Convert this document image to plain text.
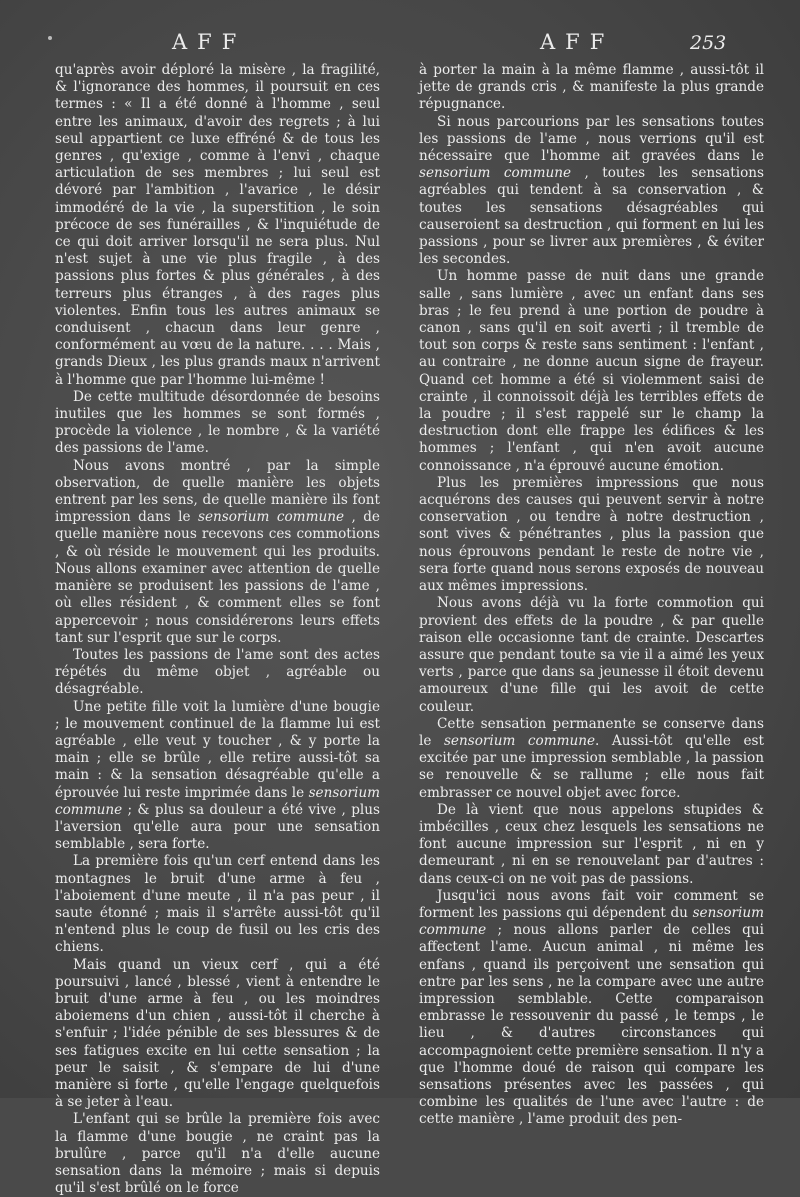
AFF	AFF	253

qu'après avoir déploré la misère , la fragilité, & l'ignorance des hommes, il poursuit en ces termes : « Il a été donné à l'homme , seul entre les animaux, d'avoir des regrets ; à lui seul appartient ce luxe effréné & de tous les genres , qu'exige , comme à l'envi , chaque articulation de ses membres ; lui seul est dévoré par l'ambition , l'avarice , le désir immodéré de la vie , la superstition , le soin précoce de ses funérailles , & l'inquiétude de ce qui doit arriver lorsqu'il ne sera plus. Nul n'est sujet à une vie plus fragile , à des passions plus fortes & plus générales , à des terreurs plus étranges , à des rages plus violentes. Enfin tous les autres animaux se conduisent , chacun dans leur genre , conformément au vœu de la nature. . . . Mais , grands Dieux , les plus grands maux n'arrivent à l'homme que par l'homme lui-même !

De cette multitude désordonnée de besoins inutiles que les hommes se sont formés , procède la violence , le nombre , & la variété des passions de l'ame.

Nous avons montré , par la simple observation, de quelle manière les objets entrent par les sens, de quelle manière ils font impression dans le sensorium commune , de quelle manière nous recevons ces commotions , & où réside le mouvement qui les produits. Nous allons examiner avec attention de quelle manière se produisent les passions de l'ame , où elles résident , & comment elles se font appercevoir ; nous considérerons leurs effets tant sur l'esprit que sur le corps.

Toutes les passions de l'ame sont des actes répétés du même objet , agréable ou désagréable.

Une petite fille voit la lumière d'une bougie ; le mouvement continuel de la flamme lui est agréable , elle veut y toucher , & y porte la main ; elle se brûle , elle retire aussi-tôt sa main : & la sensation désagréable qu'elle a éprouvée lui reste imprimée dans le sensorium commune ; & plus sa douleur a été vive , plus l'aversion qu'elle aura pour une sensation semblable , sera forte.

La première fois qu'un cerf entend dans les montagnes le bruit d'une arme à feu , l'aboiement d'une meute , il n'a pas peur , il saute étonné ; mais il s'arrête aussi-tôt qu'il n'entend plus le coup de fusil ou les cris des chiens.

Mais quand un vieux cerf , qui a été poursuivi , lancé , blessé , vient à entendre le bruit d'une arme à feu , ou les moindres aboiemens d'un chien , aussi-tôt il cherche à s'enfuir ; l'idée pénible de ses blessures & de ses fatigues excite en lui cette sensation ; la peur le saisit , & s'empare de lui d'une manière si forte , qu'elle l'engage quelquefois à se jeter à l'eau.

L'enfant qui se brûle la première fois avec la flamme d'une bougie , ne craint pas la brulûre , parce qu'il n'a d'elle aucune sensation dans la mémoire ; mais si depuis qu'il s'est brûlé on le force

à porter la main à la même flamme , aussi-tôt il jette de grands cris , & manifeste la plus grande répugnance.

Si nous parcourions par les sensations toutes les passions de l'ame , nous verrions qu'il est nécessaire que l'homme ait gravées dans le sensorium commune , toutes les sensations agréables qui tendent à sa conservation , & toutes les sensations désagréables qui causeroient sa destruction , qui forment en lui les passions , pour se livrer aux premières , & éviter les secondes.

Un homme passe de nuit dans une grande salle , sans lumière , avec un enfant dans ses bras ; le feu prend à une portion de poudre à canon , sans qu'il en soit averti ; il tremble de tout son corps & reste sans sentiment : l'enfant , au contraire , ne donne aucun signe de frayeur. Quand cet homme a été si violemment saisi de crainte , il connoissoit déjà les terribles effets de la poudre ; il s'est rappelé sur le champ la destruction dont elle frappe les édifices & les hommes ; l'enfant , qui n'en avoit aucune connoissance , n'a éprouvé aucune émotion.

Plus les premières impressions que nous acquérons des causes qui peuvent servir à notre conservation , ou tendre à notre destruction , sont vives & pénétrantes , plus la passion que nous éprouvons pendant le reste de notre vie , sera forte quand nous serons exposés de nouveau aux mêmes impressions.

Nous avons déjà vu la forte commotion qui provient des effets de la poudre , & par quelle raison elle occasionne tant de crainte. Descartes assure que pendant toute sa vie il a aimé les yeux verts , parce que dans sa jeunesse il étoit devenu amoureux d'une fille qui les avoit de cette couleur.

Cette sensation permanente se conserve dans le sensorium commune. Aussi-tôt qu'elle est excitée par une impression semblable , la passion se renouvelle & se rallume ; elle nous fait embrasser ce nouvel objet avec force.

De là vient que nous appelons stupides & imbécilles , ceux chez lesquels les sensations ne font aucune impression sur l'esprit , ni en y demeurant , ni en se renouvelant par d'autres : dans ceux-ci on ne voit pas de passions.

Jusqu'ici nous avons fait voir comment se forment les passions qui dépendent du sensorium commune ; nous allons parler de celles qui affectent l'ame. Aucun animal , ni même les enfans , quand ils perçoivent une sensation qui entre par les sens , ne la compare avec une autre impression semblable. Cette comparaison embrasse le ressouvenir du passé , le temps , le lieu , & d'autres circonstances qui accompagnoient cette première sensation. Il n'y a que l'homme doué de raison qui compare les sensations présentes avec les passées , qui combine les qualités de l'une avec l'autre : de cette manière , l'ame produit des pen-
